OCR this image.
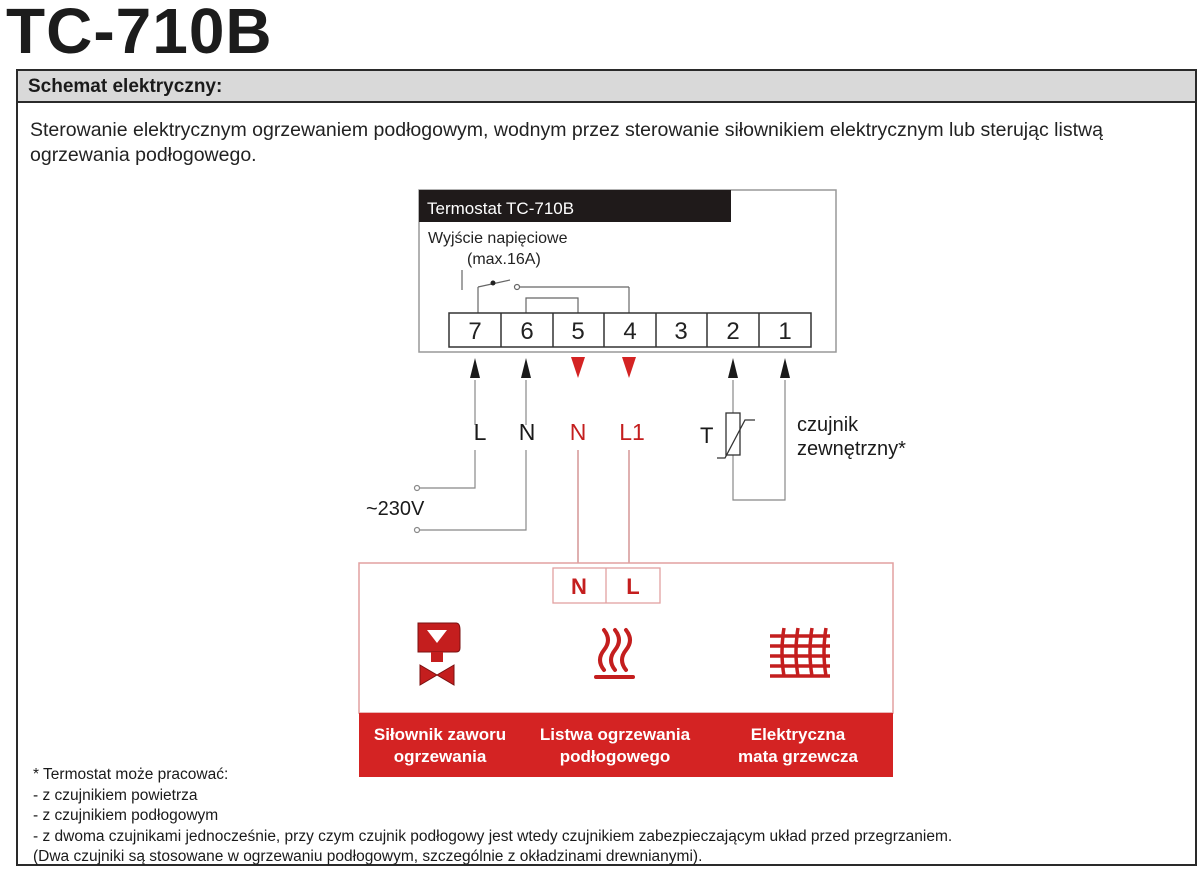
TC-710B
Schemat elektryczny:
Sterowanie elektrycznym ogrzewaniem podłogowym, wodnym przez sterowanie siłownikiem elektrycznym lub sterując listwą ogrzewania podłogowego.
Termostat TC-710B
Wyjście napięciowe
(max.16A)
7 6 5 4 3 2 1
L N N L1
~230V
T	czujnik
zewnętrzny*
N L
Siłownik zaworu
ogrzewania
Listwa ogrzewania
podłogowego
Elektryczna
mata grzewcza
* Termostat może pracować:
- z czujnikiem powietrza
- z czujnikiem podłogowym
- z dwoma czujnikami jednocześnie, przy czym czujnik podłogowy jest wtedy czujnikiem zabezpieczającym układ przed przegrzaniem.
(Dwa czujniki są stosowane w ogrzewaniu podłogowym, szczególnie z okładzinami drewnianymi).
